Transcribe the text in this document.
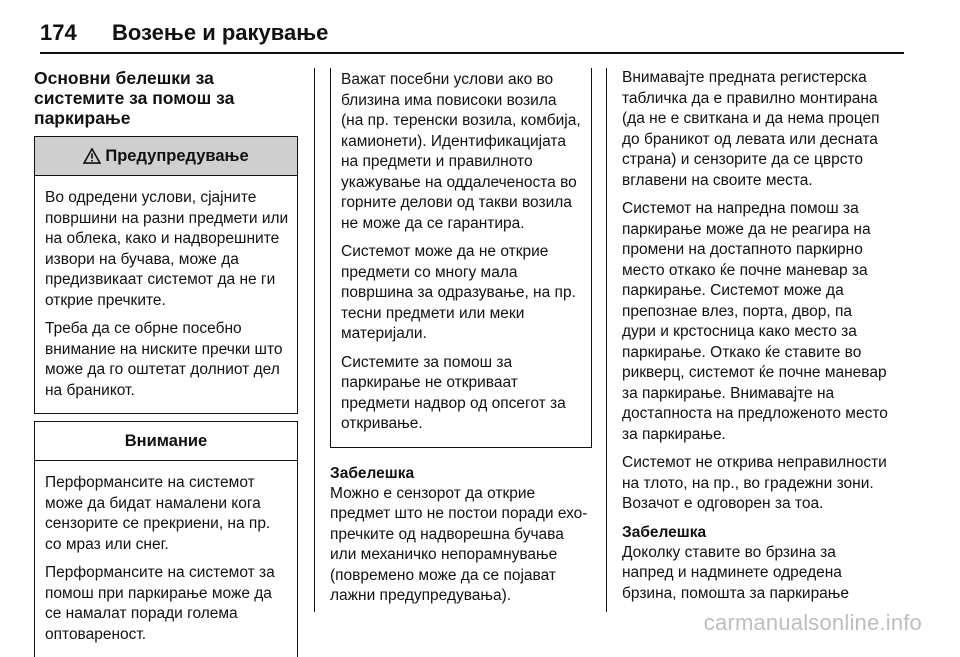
174 Возење и ракување
Основни белешки за системите за помош за паркирање
Предупредување

Во одредени услови, сјајните површини на разни предмети или на облека, како и надворешните извори на бучава, може да предизвикаат системот да не ги открие пречките.

Треба да се обрне посебно внимание на ниските пречки што може да го оштетат долниот дел на браникот.

Внимание

Перформансите на системот може да бидат намалени кога сензорите се прекриени, на пр. со мраз или снег.

Перформансите на системот за помош при паркирање може да се намалат поради голема оптовареност.

Важат посебни услови ако во близина има повисоки возила (на пр. теренски возила, комбија, камионети). Идентификацијата на предмети и правилното укажување на оддалеченоста во горните делови од такви возила не може да се гарантира.

Системот може да не открие предмети со многу мала површина за одразување, на пр. тесни предмети или меки материјали.

Системите за помош за паркирање не откриваат предмети надвор од опсегот за откривање.

Забелешка

Можно е сензорот да открие предмет што не постои поради ехо-пречките од надворешна бучава или механичко непорамнување (повремено може да се појават лажни предупредувања).

Внимавајте предната регистерска табличка да е правилно монтирана (да не е свиткана и да нема процеп до браникот од левата или десната страна) и сензорите да се цврсто вглавени на своите места.

Системот на напредна помош за паркирање може да не реагира на промени на достапното паркирно место откако ќе почне маневар за паркирање. Системот може да препознае влез, порта, двор, па дури и крстосница како место за паркирање. Откако ќе ставите во рикверц, системот ќе почне маневар за паркирање. Внимавајте на достапноста на предложеното место за паркирање.

Системот не открива неправилности на тлото, на пр., во градежни зони. Возачот е одговорен за тоа.

Забелешка

Доколку ставите во брзина за напред и надминете одредена брзина, помошта за паркирање

carmanualsonline.info
